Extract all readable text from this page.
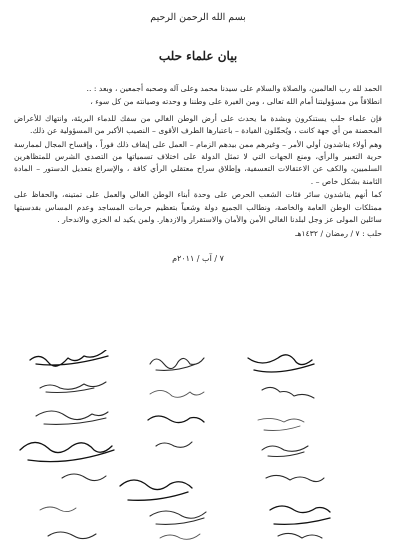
بسم الله الرحمن الرحيم
بيان علماء حلب

الحمد لله رب العالمين، والصلاة والسلام على سيدنا محمد وعلى آله وصحبه أجمعين ، وبعد : ..

انطلاقاً من مسؤوليتنا أمام الله تعالى ، ومن الغيرة على وطننا و وحدته وصيانته من كل سوء ،

فإن علماء حلب يستنكرون وبشدة ما يحدث على أرض الوطن الغالي من سفك للدماء البريئة، وانتهاك للأعراض المحصنة من أي جهة كانت ، ويُحمِّلون القيادة – باعتبارها الطرف الأقوى – النصيب الأكبر من المسؤولية عن ذلك.

وهم أولاء يناشدون أولي الأمر – وغيرهم ممن بيدهم الزمام – العمل على إيقاف ذلك فوراً ، وإفساح المجال لممارسة حرية التعبير والرأي، ومنع الجهات التي لا تمثل الدولة على اختلاف تسمياتها من التصدي الشرس للمتظاهرين السلميين، والكف عن الاعتقالات التعسفية، وإطلاق سراح معتقلي الرأي كافة ، والإسراع بتعديل الدستور – المادة الثامنة بشكل خاص – .

كما أنهم يناشدون سائر فئات الشعب الحرص على وحدة أبناء الوطن الغالي والعمل على تمتينه، والحفاظ على ممتلكات الوطن العامة والخاصة، ونطالب الجميع دولة وشعباً بتعظيم حرمات المساجد وعدم المساس بقدسيتها سائلين المولى عز وجل لبلدنا الغالي الأمن والأمان والاستقرار والازدهار. ولمن يكيد له الخزي والاندحار .

حلب : ٧ / رمضان / ١٤٣٢هـ
٧ / آب / ٢٠١١م
